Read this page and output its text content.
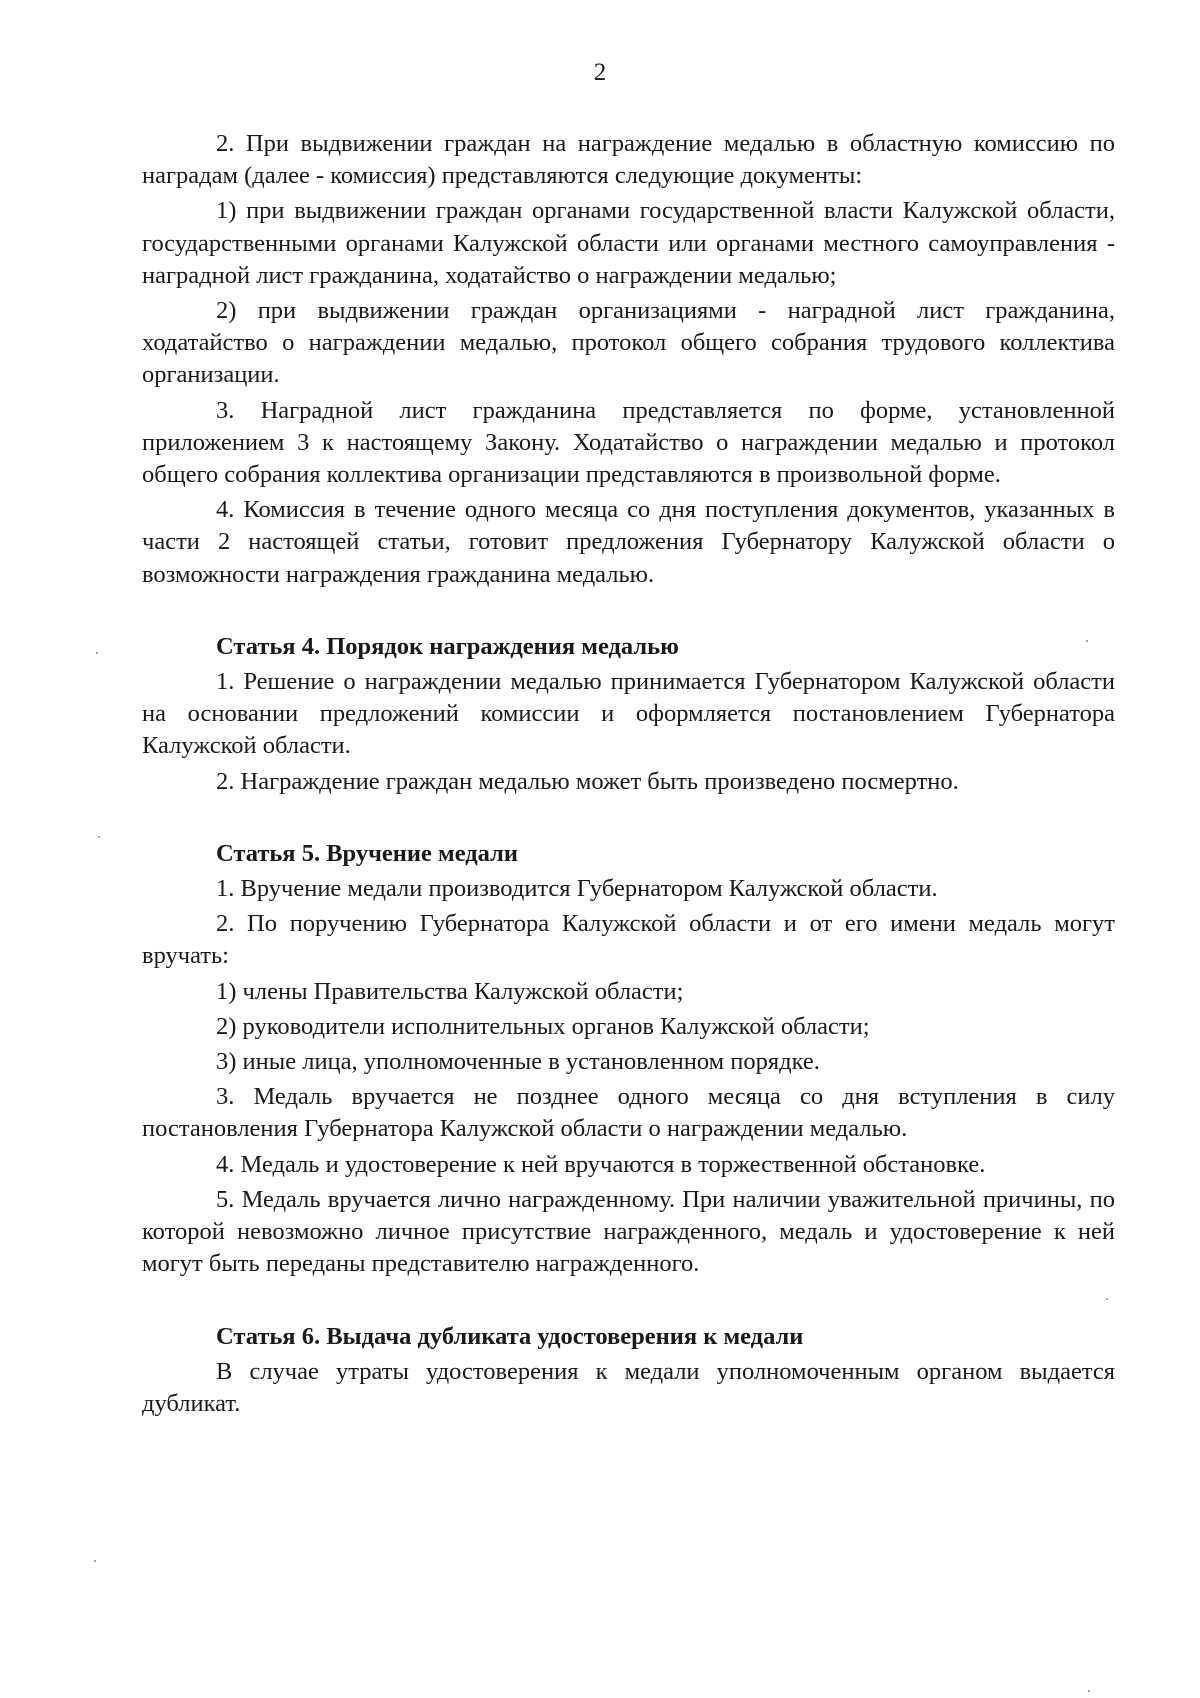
2

2. При выдвижении граждан на награждение медалью в областную комиссию по наградам (далее - комиссия) представляются следующие документы:

1) при выдвижении граждан органами государственной власти Калужской области, государственными органами Калужской области или органами местного самоуправления - наградной лист гражданина, ходатайство о награждении медалью;

2) при выдвижении граждан организациями - наградной лист гражданина, ходатайство о награждении медалью, протокол общего собрания трудового коллектива организации.

3. Наградной лист гражданина представляется по форме, установленной приложением 3 к настоящему Закону. Ходатайство о награждении медалью и протокол общего собрания коллектива организации представляются в произвольной форме.

4. Комиссия в течение одного месяца со дня поступления документов, указанных в части 2 настоящей статьи, готовит предложения Губернатору Калужской области о возможности награждения гражданина медалью.

Статья 4. Порядок награждения медалью

1. Решение о награждении медалью принимается Губернатором Калужской области на основании предложений комиссии и оформляется постановлением Губернатора Калужской области.

2. Награждение граждан медалью может быть произведено посмертно.

Статья 5. Вручение медали

1. Вручение медали производится Губернатором Калужской области.

2. По поручению Губернатора Калужской области и от его имени медаль могут вручать:

1) члены Правительства Калужской области;

2) руководители исполнительных органов Калужской области;

3) иные лица, уполномоченные в установленном порядке.

3. Медаль вручается не позднее одного месяца со дня вступления в силу постановления Губернатора Калужской области о награждении медалью.

4. Медаль и удостоверение к ней вручаются в торжественной обстановке.

5. Медаль вручается лично награжденному. При наличии уважительной причины, по которой невозможно личное присутствие награжденного, медаль и удостоверение к ней могут быть переданы представителю награжденного.

Статья 6. Выдача дубликата удостоверения к медали

В случае утраты удостоверения к медали уполномоченным органом выдается дубликат.
